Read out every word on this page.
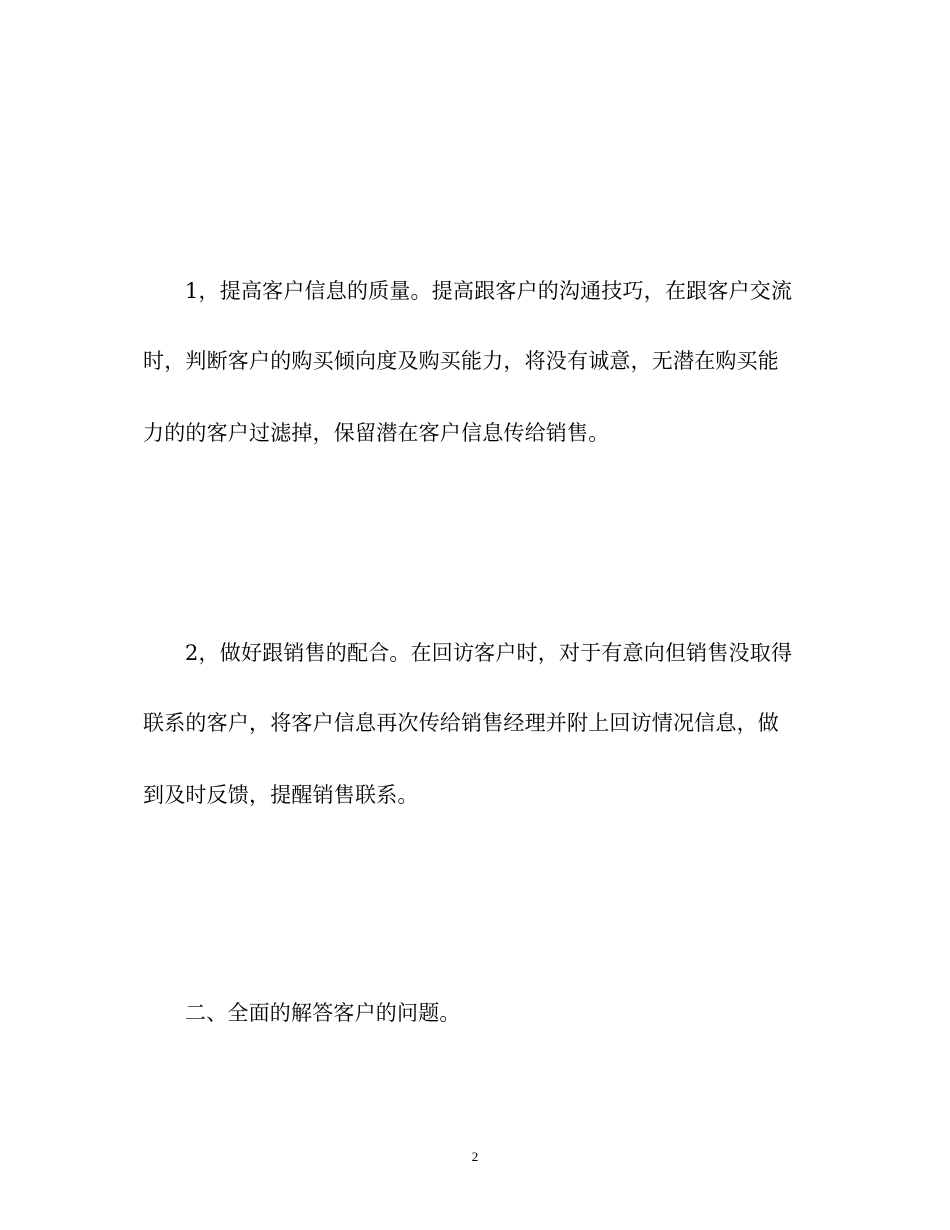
1，提高客户信息的质量。提高跟客户的沟通技巧，在跟客户交流
时，判断客户的购买倾向度及购买能力，将没有诚意，无潜在购买能
力的的客户过滤掉，保留潜在客户信息传给销售。
2，做好跟销售的配合。在回访客户时，对于有意向但销售没取得
联系的客户，将客户信息再次传给销售经理并附上回访情况信息，做
到及时反馈，提醒销售联系。
二、全面的解答客户的问题。
2
